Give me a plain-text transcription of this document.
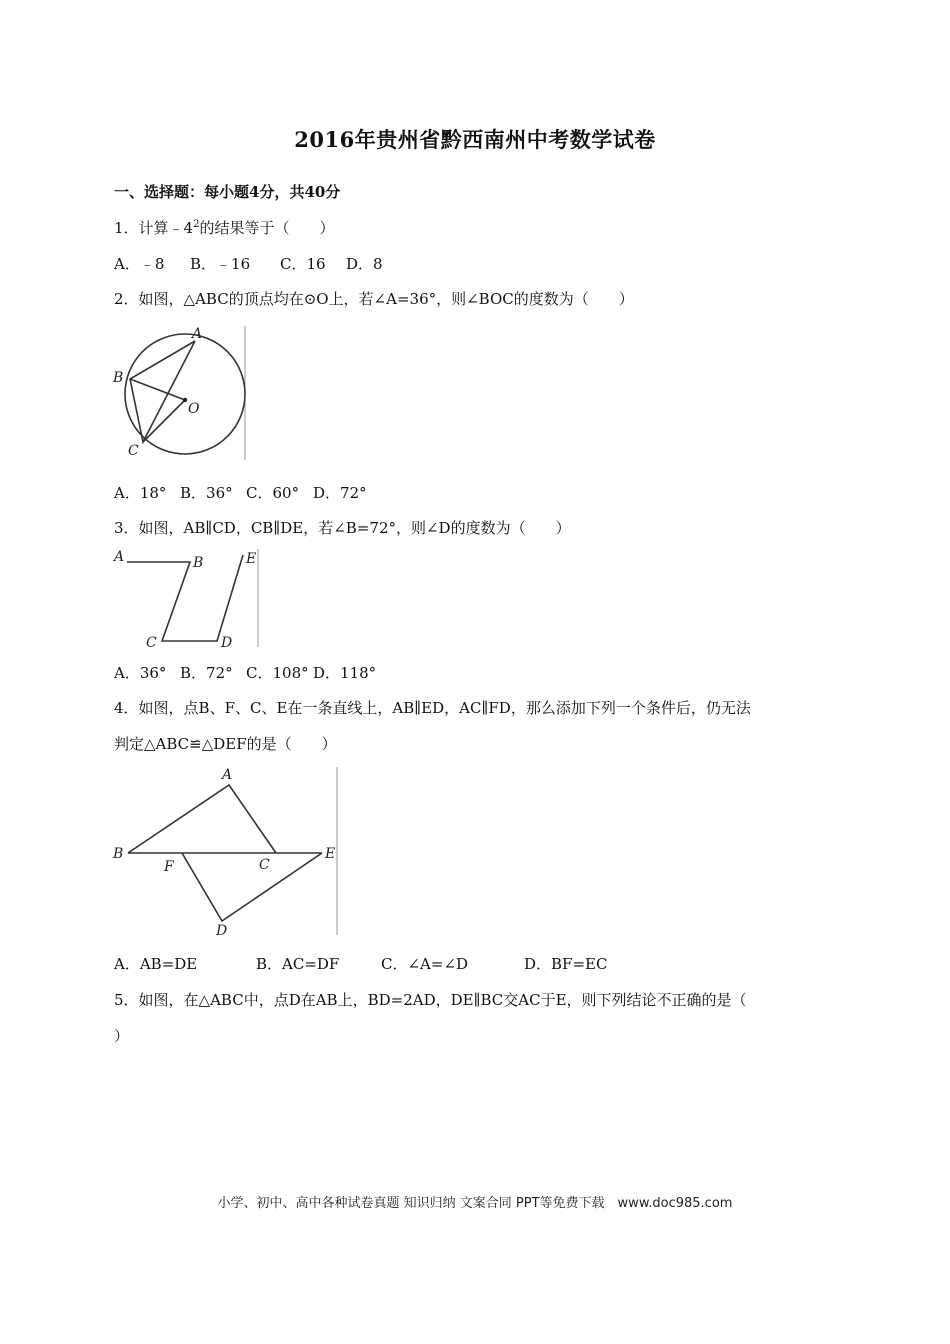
2016年贵州省黔西南州中考数学试卷
一、选择题：每小题4分，共40分
1．计算$﹣4^2$的结果等于（　　）
A．﹣8 B．﹣16 C．16 D．8
2．如图，△ABC的顶点均在⊙O上，若∠A=36°，则∠BOC的度数为（　　）
A
B
C
O
A．18° B．36° C．60° D．72°
3．如图，AB∥CD，CB∥DE，若∠B=72°，则∠D的度数为（　　）
A	B
C	D
E
A．36° B．72° C．108° D．118°
4．如图，点B、F、C、E在一条直线上，AB∥ED，AC∥FD，那么添加下列一个条件后，仍无法
判定△ABC≌△DEF的是（　　）
A
B
C
D
E
F
A．AB=DE	B．AC=DF	C．∠A=∠D	D．BF=EC
5．如图，在△ABC中，点D在AB上，BD=2AD，DE∥BC交AC于E，则下列结论不正确的是（
）
小学、初中、高中各种试卷真题 知识归纳 文案合同 PPT等免费下载　www.doc985.com
